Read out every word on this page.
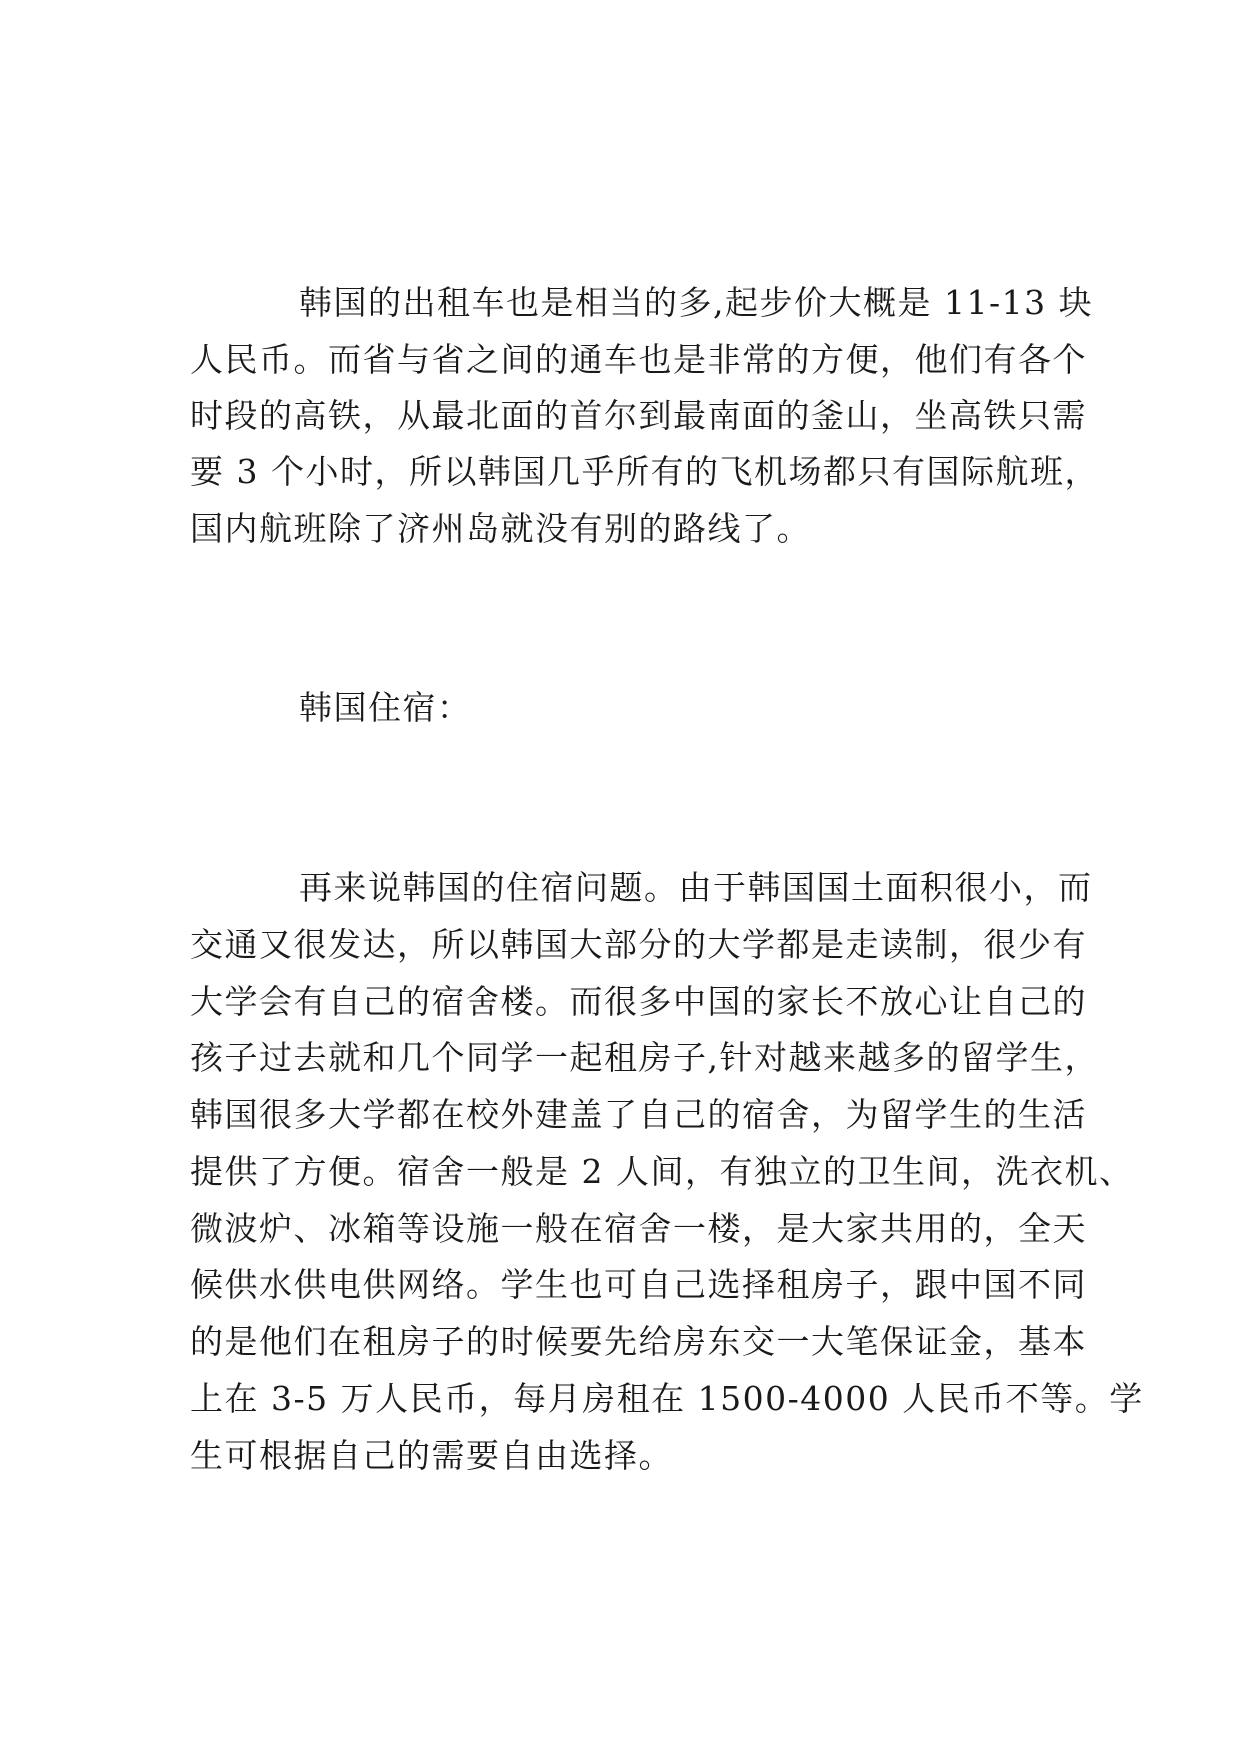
韩国的出租车也是相当的多,起步价大概是 11-13 块
人民币。而省与省之间的通车也是非常的方便，他们有各个
时段的高铁，从最北面的首尔到最南面的釜山，坐高铁只需
要 3 个小时，所以韩国几乎所有的飞机场都只有国际航班，
国内航班除了济州岛就没有别的路线了。
韩国住宿：
再来说韩国的住宿问题。由于韩国国土面积很小，而
交通又很发达，所以韩国大部分的大学都是走读制，很少有
大学会有自己的宿舍楼。而很多中国的家长不放心让自己的
孩子过去就和几个同学一起租房子,针对越来越多的留学生，
韩国很多大学都在校外建盖了自己的宿舍，为留学生的生活
提供了方便。宿舍一般是 2 人间，有独立的卫生间，洗衣机、
微波炉、冰箱等设施一般在宿舍一楼，是大家共用的，全天
候供水供电供网络。学生也可自己选择租房子，跟中国不同
的是他们在租房子的时候要先给房东交一大笔保证金，基本
上在 3-5 万人民币，每月房租在 1500-4000 人民币不等。学
生可根据自己的需要自由选择。
